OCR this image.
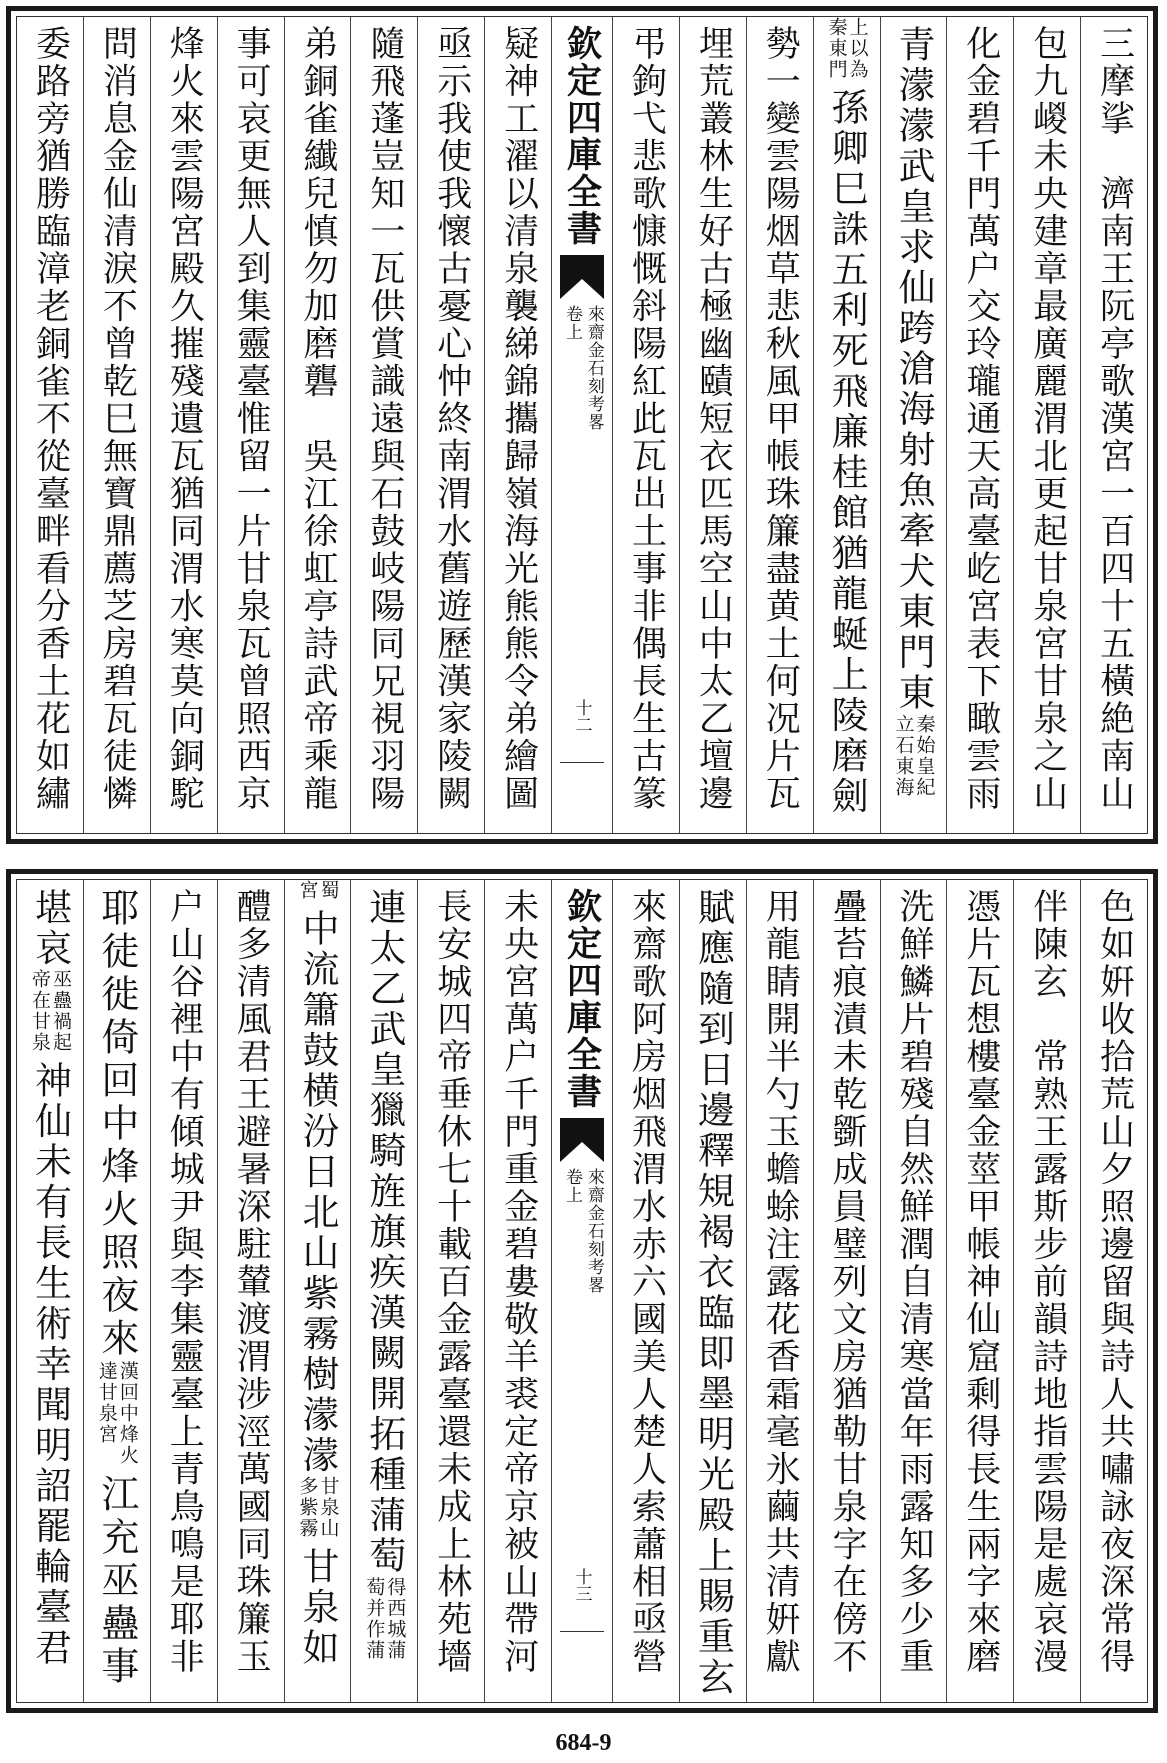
三摩挲　濟南王阮亭歌漢宮一百四十五橫絶南山
包九嵕未央建章最廣麗渭北更起甘泉宮甘泉之山
化金碧千門萬户交玲瓏通天高臺屹宮表下瞰雲雨
青濛濛武皇求仙跨滄海射魚牽犬東門東
秦始皇紀
立石東海
上以為
秦東門
孫卿巳誅五利死飛廉桂館猶龍蜒上陵磨劍
勢一變雲陽烟草悲秋風甲帳珠簾盡黄土何况片瓦
埋荒叢林生好古極幽賾短衣匹馬空山中太乙壇邊
弔鉤弋悲歌慷慨斜陽紅此瓦出土事非偶長生古篆
欽定四庫全書
來齋金石刻考畧
卷上
十二
疑神工濯以清泉襲綈錦攜歸嶺海光熊熊令弟繪圖
亟示我使我懷古憂心忡終南渭水舊遊歷漢家陵闕
隨飛蓬豈知一瓦供賞識遠與石鼓岐陽同兄視羽陽
弟銅雀纎兒慎勿加磨礱　吳江徐虹亭詩武帝乘龍
事可哀更無人到集靈臺惟留一片甘泉瓦曾照西京
烽火來雲陽宮殿久摧殘遺瓦猶同渭水寒莫向銅駝
問消息金仙清淚不曾乾巳無寶鼎薦芝房碧瓦徒憐
委路旁猶勝臨漳老銅雀不從臺畔看分香土花如繡
色如姸收拾荒山夕照邊留與詩人共嘯詠夜深常得
伴陳玄　常熟王露斯步前韻詩地指雲陽是處哀漫
憑片瓦想樓臺金莖甲帳神仙窟剩得長生兩字來磨
洗鮮鱗片碧殘自然鮮潤自清寒當年雨露知多少重
疊苔痕漬未乾斵成員璧列文房猶勒甘泉字在傍不
用龍睛開半勺玉蟾蜍注露花香霜毫氷繭共清姸獻
賦應隨到日邊釋䂓褐衣臨即墨明光殿上賜重玄
來齋歌阿房烟飛渭水赤六國美人楚人索蕭相亟營
欽定四庫全書
來齋金石刻考畧
卷上
十三
未央宮萬户千門重金碧婁敬羊裘定帝京被山帶河
長安城四帝垂休七十載百金露臺還未成上林苑墻
連太乙武皇獵騎旌旗疾漢闕開拓種蒲萄
得西城蒲
萄并作蒲
蜀
宮
中流簫鼓横汾日北山紫霧樹濛濛
甘泉山
多紫霧
甘泉如
醴多清風君王避暑深駐輦渡渭涉涇萬國同珠簾玉
户山谷裡中有傾城尹與李集靈臺上青鳥鳴是耶非
耶徒徙倚回中烽火照夜來
漢回中烽火
達甘泉宮
江充巫蠱事
堪哀
巫蠱禍起
帝在甘泉
神仙未有長生術幸聞明詔罷輪臺君
684-9
